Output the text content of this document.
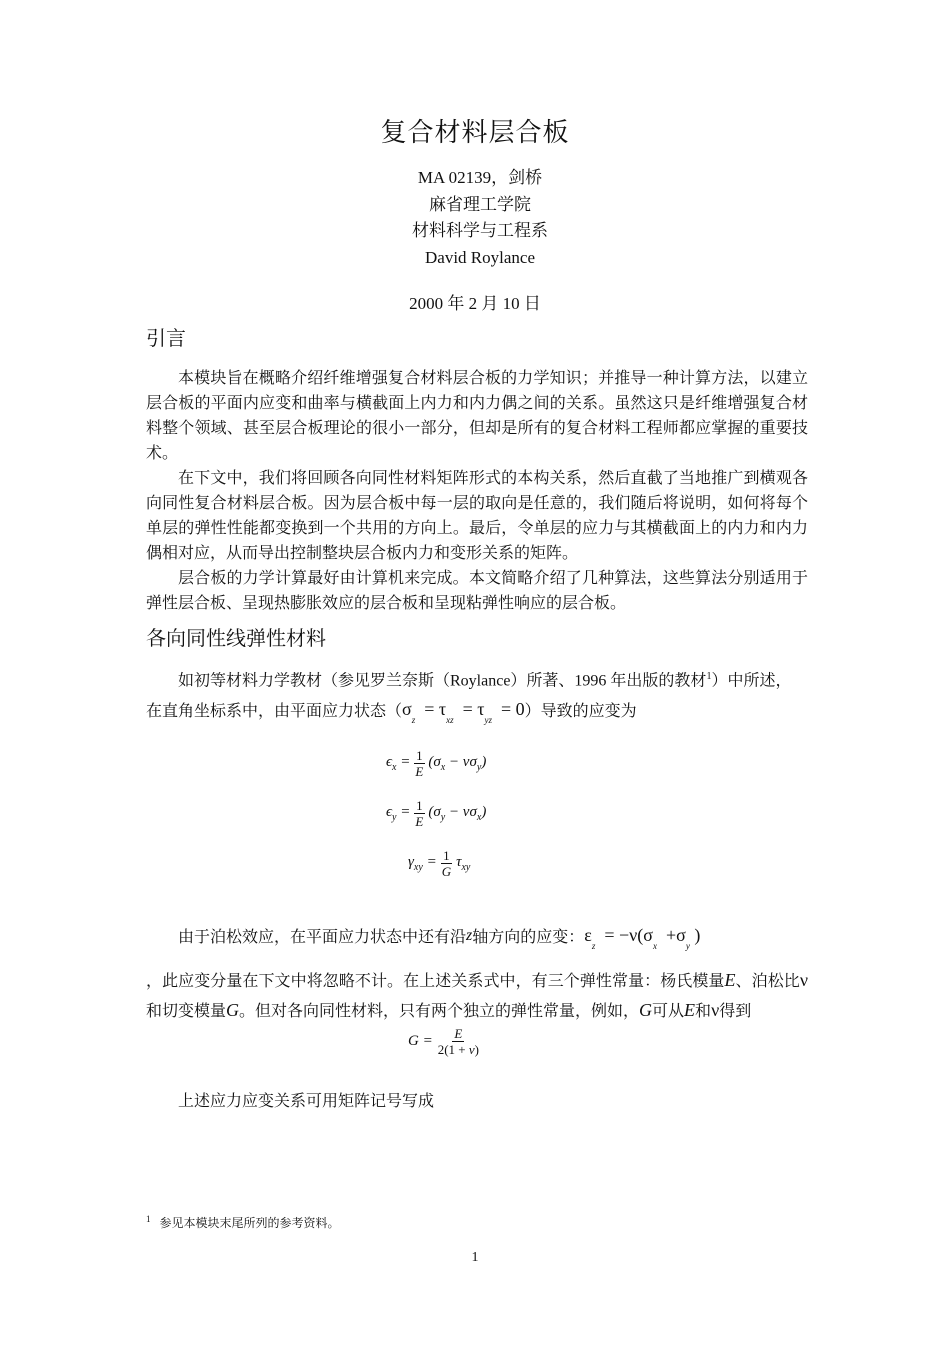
复合材料层合板
MA 02139，剑桥
麻省理工学院
材料科学与工程系
David Roylance
2000 年 2 月 10 日
引言

本模块旨在概略介绍纤维增强复合材料层合板的力学知识；并推导一种计算方法，以建立层合板的平面内应变和曲率与横截面上内力和内力偶之间的关系。虽然这只是纤维增强复合材料整个领域、甚至层合板理论的很小一部分，但却是所有的复合材料工程师都应掌握的重要技术。

在下文中，我们将回顾各向同性材料矩阵形式的本构关系，然后直截了当地推广到横观各向同性复合材料层合板。因为层合板中每一层的取向是任意的，我们随后将说明，如何将每个单层的弹性性能都变换到一个共用的方向上。最后，令单层的应力与其横截面上的内力和内力偶相对应，从而导出控制整块层合板内力和变形关系的矩阵。

层合板的力学计算最好由计算机来完成。本文简略介绍了几种算法，这些算法分别适用于弹性层合板、呈现热膨胀效应的层合板和呈现粘弹性响应的层合板。

各向同性线弹性材料

如初等材料力学教材（参见罗兰奈斯（Roylance）所著、1996 年出版的教材$^1$）中所述，

在直角坐标系中，由平面应力状态（ $\sigma_z = \tau_{xz} = \tau_{yz} = 0$ ）导致的应变为
$\epsilon_x = \frac{1}{E} (\sigma_x - \nu\sigma_y)$
$\epsilon_y = \frac{1}{E} (\sigma_y - \nu\sigma_x)$
$\gamma_{xy} = \frac{1}{G} \tau_{xy}$
由于泊松效应，在平面应力状态中还有沿 z 轴方向的应变： $\varepsilon_z = -\nu(\sigma_x +\sigma_y$ )
，此应变分量在下文中将忽略不计。在上述关系式中，有三个弹性常量：杨氏模量E、泊松比ν和切变模量G。但对各向同性材料，只有两个独立的弹性常量，例如，G可从E和ν得到
$G = \frac{E}{2(1 + \nu)}$
上述应力应变关系可用矩阵记号写成
$^1$ 参见本模块末尾所列的参考资料。
1
